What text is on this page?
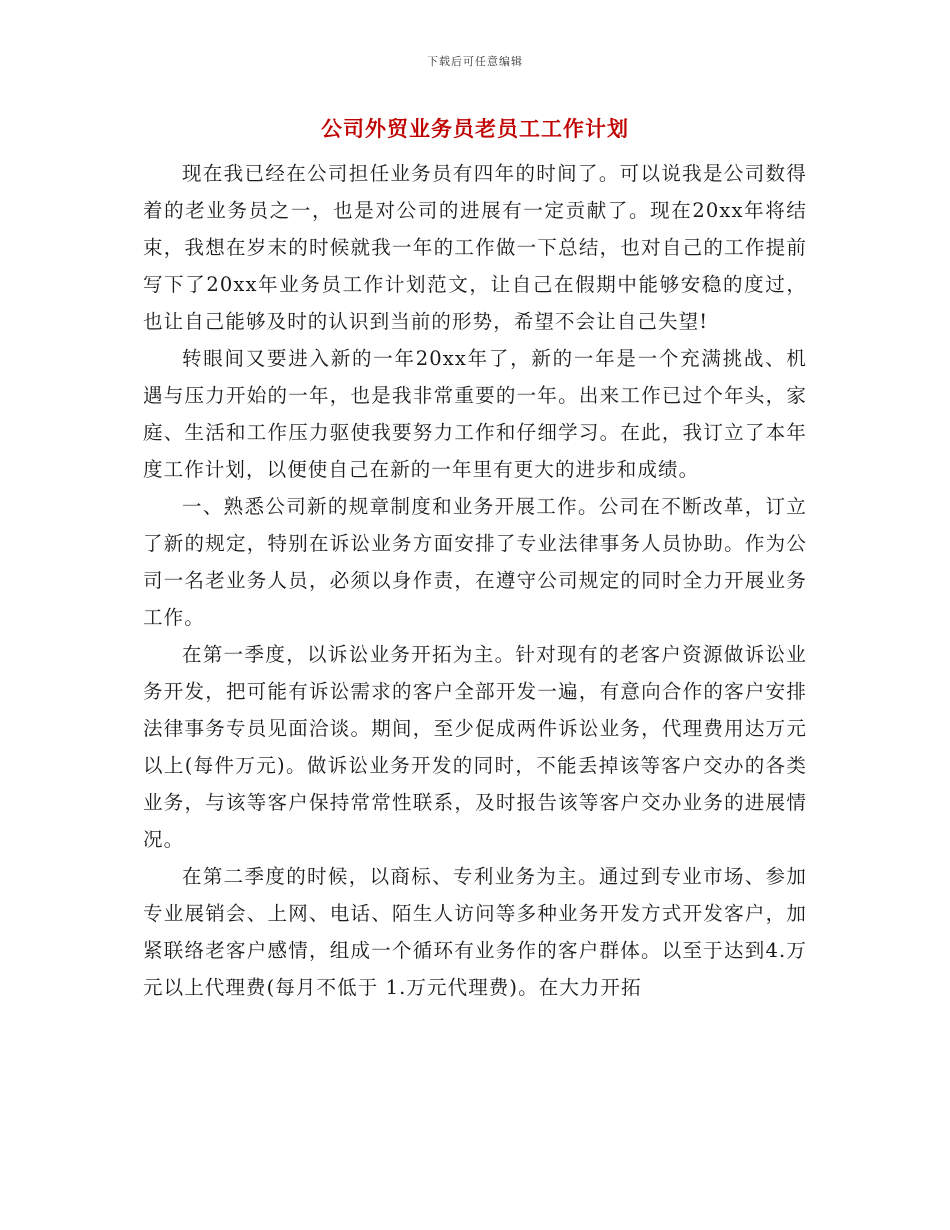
下载后可任意编辑
公司外贸业务员老员工工作计划

现在我已经在公司担任业务员有四年的时间了。可以说我是公司数得着的老业务员之一，也是对公司的进展有一定贡献了。现在20xx年将结束，我想在岁末的时候就我一年的工作做一下总结，也对自己的工作提前写下了20xx年业务员工作计划范文，让自己在假期中能够安稳的度过，也让自己能够及时的认识到当前的形势，希望不会让自己失望!

转眼间又要进入新的一年20xx年了，新的一年是一个充满挑战、机遇与压力开始的一年，也是我非常重要的一年。出来工作已过个年头，家庭、生活和工作压力驱使我要努力工作和仔细学习。在此，我订立了本年度工作计划，以便使自己在新的一年里有更大的进步和成绩。

一、熟悉公司新的规章制度和业务开展工作。公司在不断改革，订立了新的规定，特别在诉讼业务方面安排了专业法律事务人员协助。作为公司一名老业务人员，必须以身作责，在遵守公司规定的同时全力开展业务工作。

在第一季度，以诉讼业务开拓为主。针对现有的老客户资源做诉讼业务开发，把可能有诉讼需求的客户全部开发一遍，有意向合作的客户安排法律事务专员见面洽谈。期间，至少促成两件诉讼业务，代理费用达万元以上(每件万元)。做诉讼业务开发的同时，不能丢掉该等客户交办的各类业务，与该等客户保持常常性联系，及时报告该等客户交办业务的进展情况。

在第二季度的时候，以商标、专利业务为主。通过到专业市场、参加专业展销会、上网、电话、陌生人访问等多种业务开发方式开发客户，加紧联络老客户感情，组成一个循环有业务作的客户群体。以至于达到4.万元以上代理费(每月不低于 1.万元代理费)。在大力开拓
